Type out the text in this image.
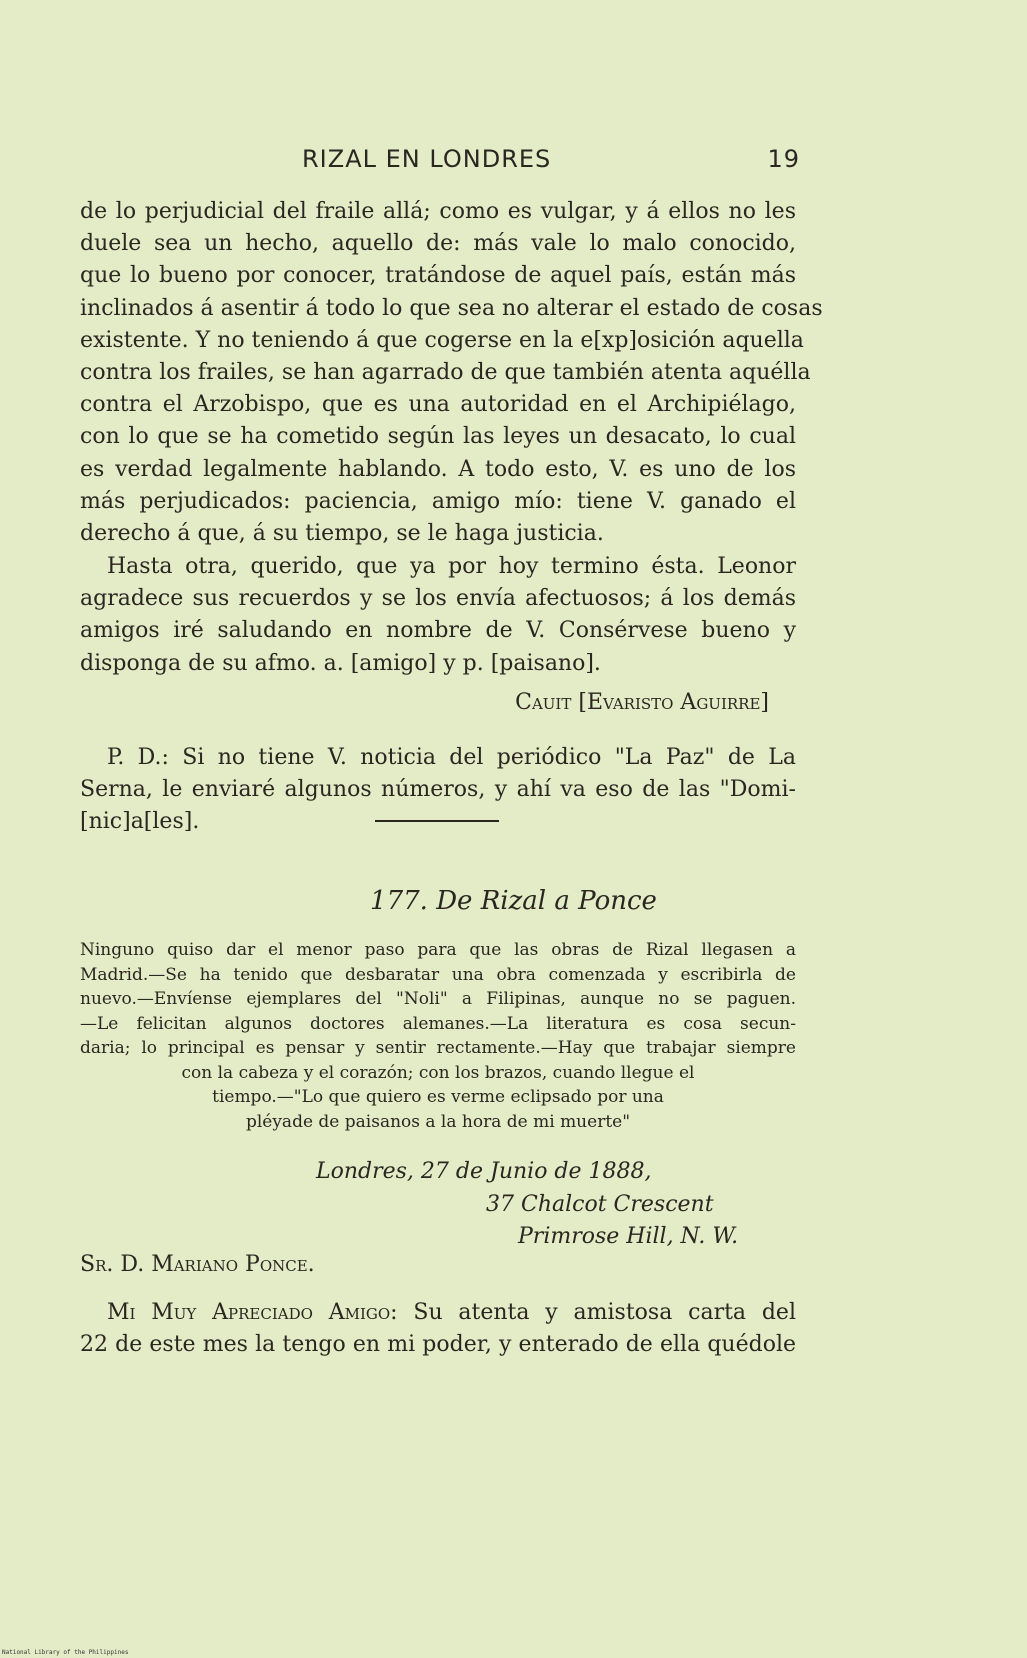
RIZAL EN LONDRES	19
de lo perjudicial del fraile allá; como es vulgar, y á ellos no les
duele sea un hecho, aquello de: más vale lo malo conocido,
que lo bueno por conocer, tratándose de aquel país, están más
inclinados á asentir á todo lo que sea no alterar el estado de cosas
existente. Y no teniendo á que cogerse en la e[xp]osición aquella
contra los frailes, se han agarrado de que también atenta aquélla
contra el Arzobispo, que es una autoridad en el Archipiélago,
con lo que se ha cometido según las leyes un desacato, lo cual
es verdad legalmente hablando. A todo esto, V. es uno de los
más perjudicados: paciencia, amigo mío: tiene V. ganado el
derecho á que, á su tiempo, se le haga justicia.
Hasta otra, querido, que ya por hoy termino ésta. Leonor
agradece sus recuerdos y se los envía afectuosos; á los demás
amigos iré saludando en nombre de V. Consérvese bueno y
disponga de su afmo. a. [amigo] y p. [paisano].
Cauit [Evaristo Aguirre]
P. D.: Si no tiene V. noticia del periódico "La Paz" de La
Serna, le enviaré algunos números, y ahí va eso de las "Domi-
[nic]a[les].
177. De Rizal a Ponce
Ninguno quiso dar el menor paso para que las obras de Rizal llegasen a
Madrid.—Se ha tenido que desbaratar una obra comenzada y escribirla de
nuevo.—Envíense ejemplares del "Noli" a Filipinas, aunque no se paguen.
—Le felicitan algunos doctores alemanes.—La literatura es cosa secun-
daria; lo principal es pensar y sentir rectamente.—Hay que trabajar siempre
con la cabeza y el corazón; con los brazos, cuando llegue el
tiempo.—"Lo que quiero es verme eclipsado por una
pléyade de paisanos a la hora de mi muerte"
Londres, 27 de Junio de 1888,
37 Chalcot Crescent
Primrose Hill, N. W.
Sr. D. Mariano Ponce.
Mi Muy Apreciado Amigo: Su atenta y amistosa carta del
22 de este mes la tengo en mi poder, y enterado de ella quédole
National Library of the Philippines
